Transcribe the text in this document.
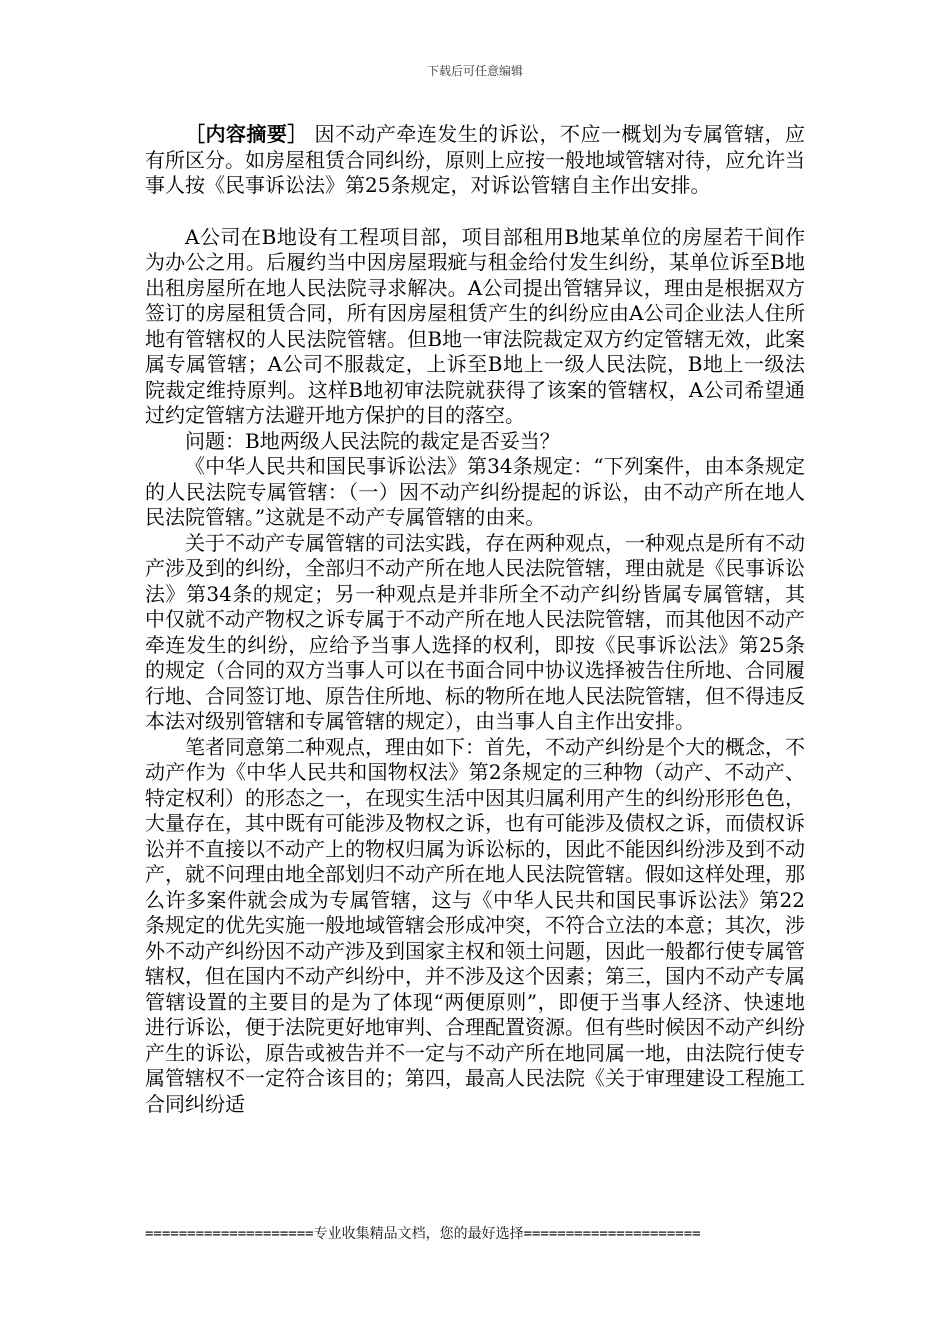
下载后可任意编辑

［内容摘要］ 因不动产牵连发生的诉讼，不应一概划为专属管辖，应有所区分。如房屋租赁合同纠纷，原则上应按一般地域管辖对待，应允许当事人按《民事诉讼法》第25条规定，对诉讼管辖自主作出安排。

A公司在B地设有工程项目部，项目部租用B地某单位的房屋若干间作为办公之用。后履约当中因房屋瑕疵与租金给付发生纠纷，某单位诉至B地出租房屋所在地人民法院寻求解决。A公司提出管辖异议，理由是根据双方签订的房屋租赁合同，所有因房屋租赁产生的纠纷应由A公司企业法人住所地有管辖权的人民法院管辖。但B地一审法院裁定双方约定管辖无效，此案属专属管辖；A公司不服裁定，上诉至B地上一级人民法院，B地上一级法院裁定维持原判。这样B地初审法院就获得了该案的管辖权，A公司希望通过约定管辖方法避开地方保护的目的落空。

问题：B地两级人民法院的裁定是否妥当？

《中华人民共和国民事诉讼法》第34条规定：“下列案件，由本条规定的人民法院专属管辖：（一）因不动产纠纷提起的诉讼，由不动产所在地人民法院管辖。”这就是不动产专属管辖的由来。

关于不动产专属管辖的司法实践，存在两种观点，一种观点是所有不动产涉及到的纠纷，全部归不动产所在地人民法院管辖，理由就是《民事诉讼法》第34条的规定；另一种观点是并非所全不动产纠纷皆属专属管辖，其中仅就不动产物权之诉专属于不动产所在地人民法院管辖，而其他因不动产牵连发生的纠纷，应给予当事人选择的权利，即按《民事诉讼法》第25条的规定（合同的双方当事人可以在书面合同中协议选择被告住所地、合同履行地、合同签订地、原告住所地、标的物所在地人民法院管辖，但不得违反本法对级别管辖和专属管辖的规定），由当事人自主作出安排。

笔者同意第二种观点，理由如下：首先，不动产纠纷是个大的概念，不动产作为《中华人民共和国物权法》第2条规定的三种物（动产、不动产、特定权利）的形态之一，在现实生活中因其归属利用产生的纠纷形形色色，大量存在，其中既有可能涉及物权之诉，也有可能涉及债权之诉，而债权诉讼并不直接以不动产上的物权归属为诉讼标的，因此不能因纠纷涉及到不动产，就不问理由地全部划归不动产所在地人民法院管辖。假如这样处理，那么许多案件就会成为专属管辖，这与《中华人民共和国民事诉讼法》第22条规定的优先实施一般地域管辖会形成冲突，不符合立法的本意；其次，涉外不动产纠纷因不动产涉及到国家主权和领土问题，因此一般都行使专属管辖权，但在国内不动产纠纷中，并不涉及这个因素；第三，国内不动产专属管辖设置的主要目的是为了体现“两便原则”，即便于当事人经济、快速地进行诉讼，便于法院更好地审判、合理配置资源。但有些时候因不动产纠纷产生的诉讼，原告或被告并不一定与不动产所在地同属一地，由法院行使专属管辖权不一定符合该目的；第四，最高人民法院《关于审理建设工程施工合同纠纷适

====================专业收集精品文档，您的最好选择=====================
